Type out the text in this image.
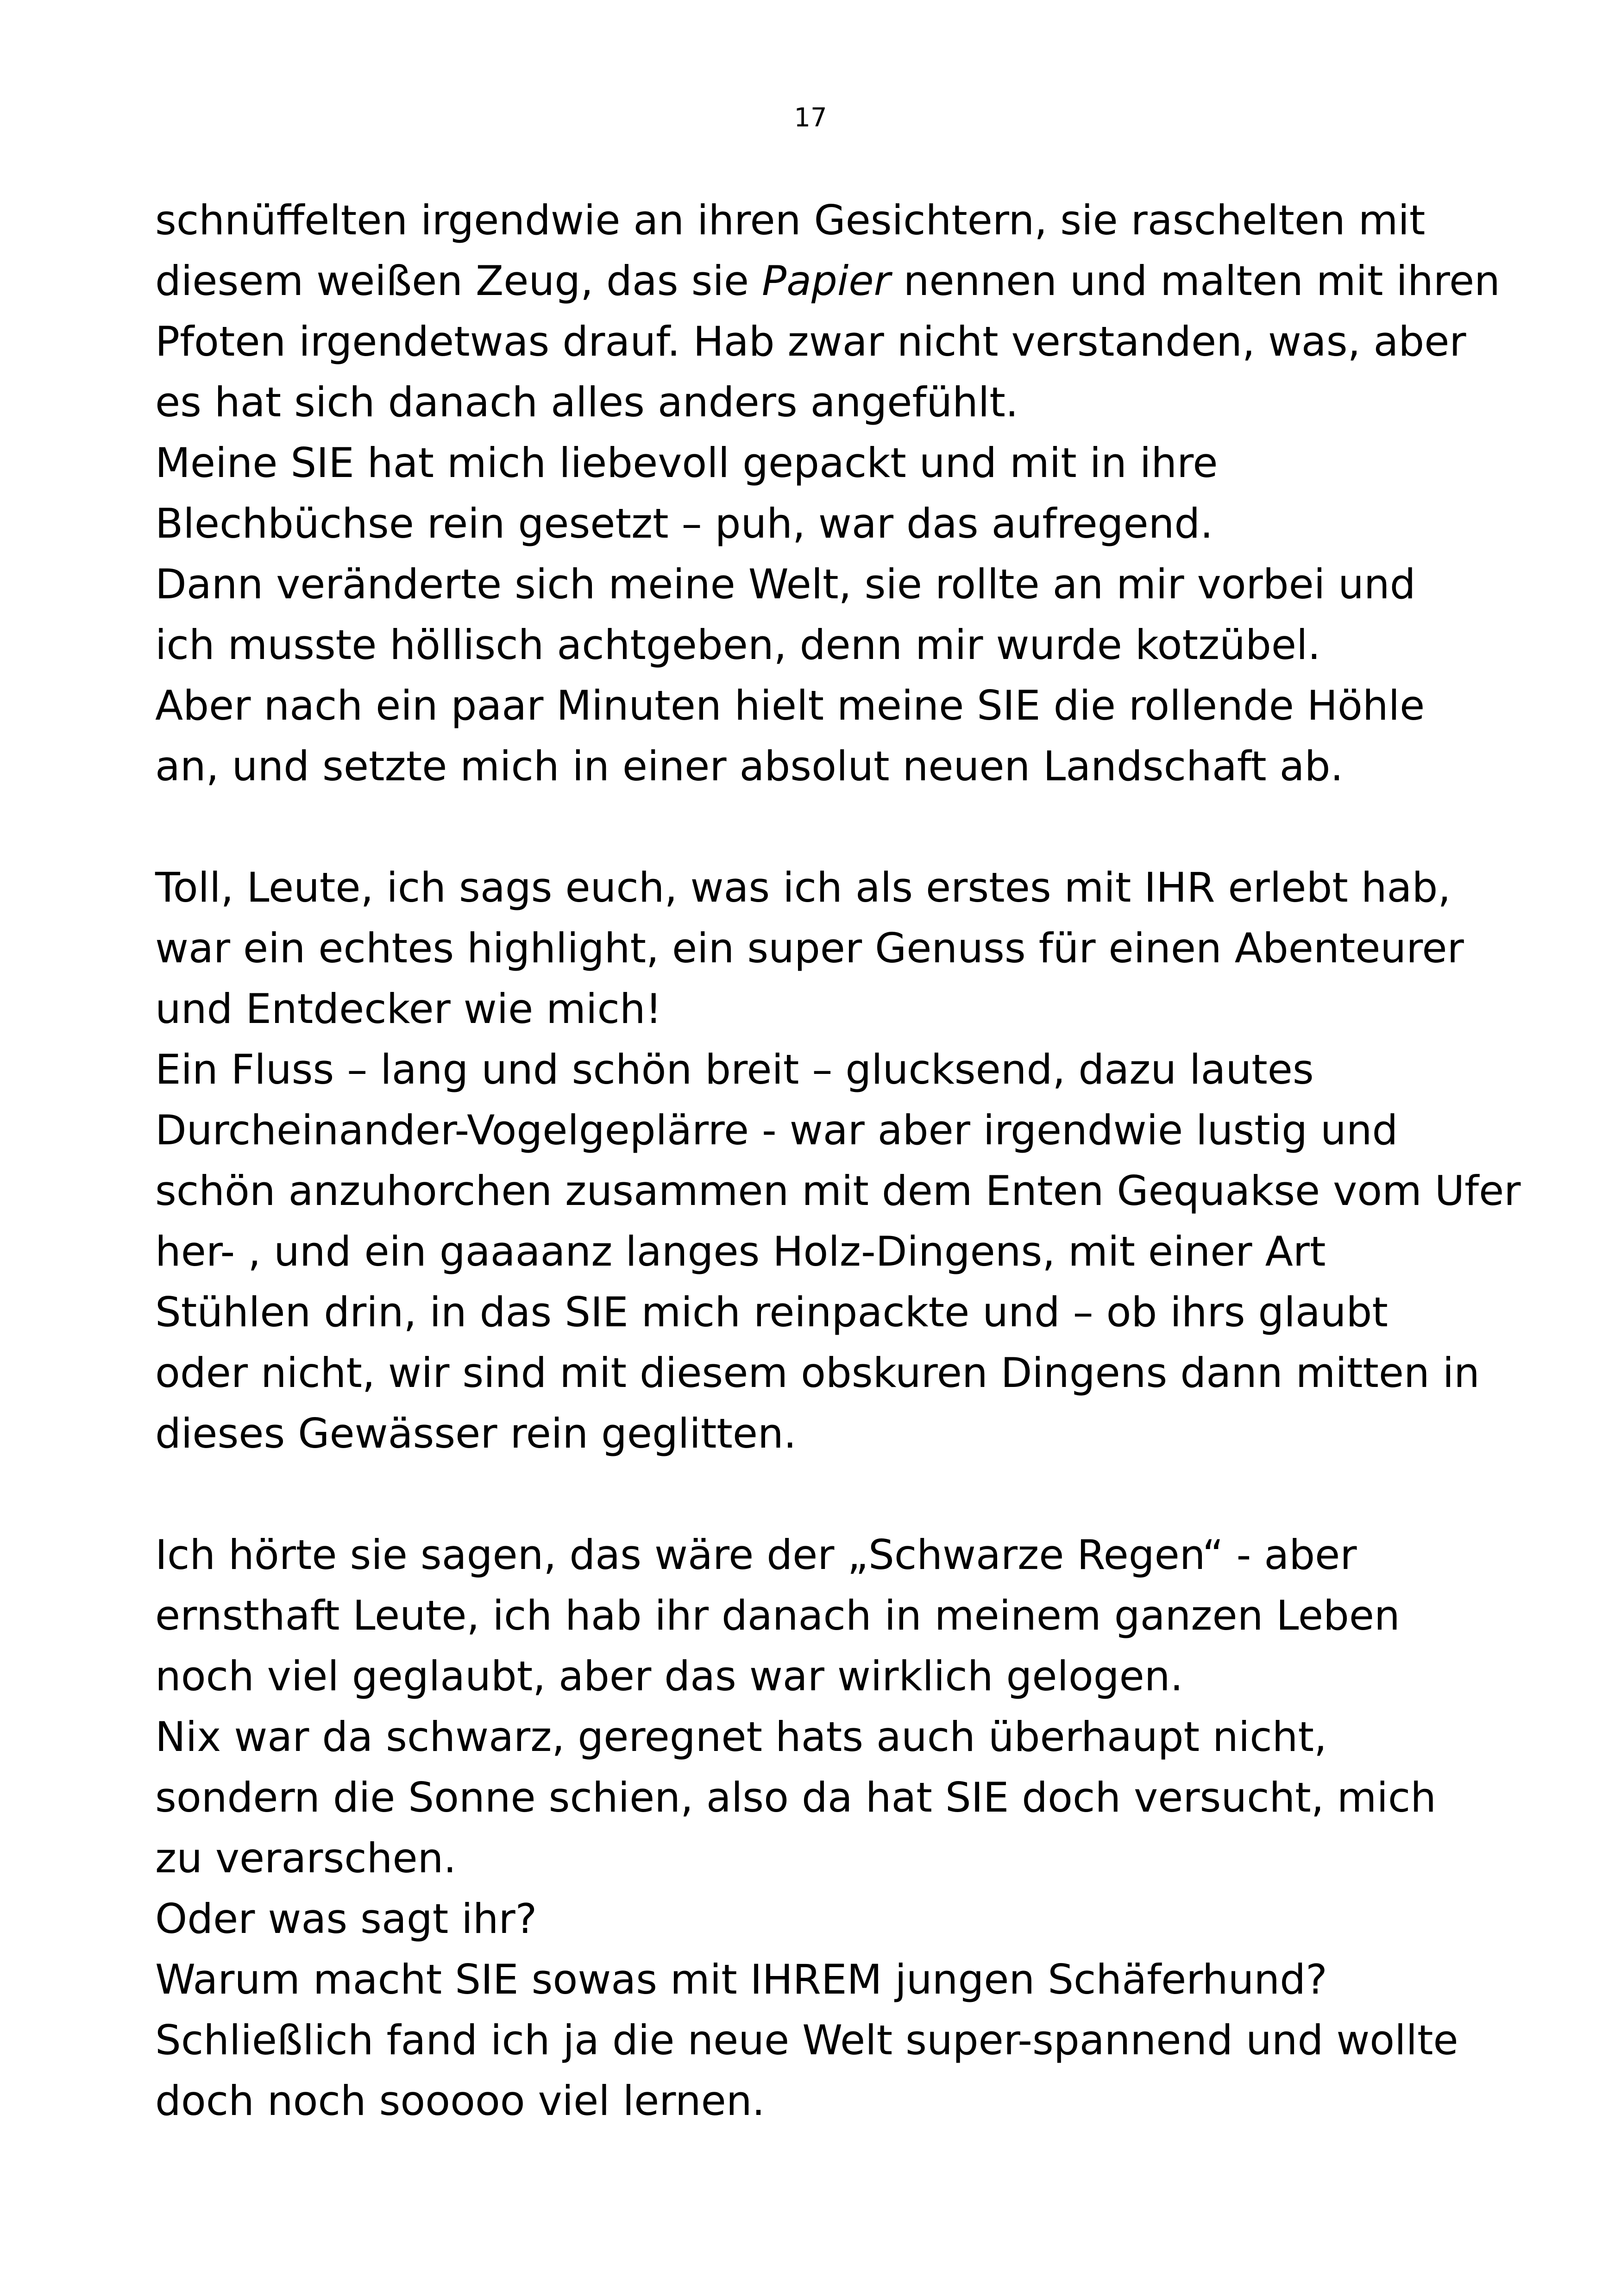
17
schnüffelten irgendwie an ihren Gesichtern, sie raschelten mit
diesem weißen Zeug, das sie Papier nennen und malten mit ihren
Pfoten irgendetwas drauf. Hab zwar nicht verstanden, was, aber
es hat sich danach alles anders angefühlt.
Meine SIE hat mich liebevoll gepackt und mit in ihre
Blechbüchse rein gesetzt – puh, war das aufregend.
Dann veränderte sich meine Welt, sie rollte an mir vorbei und
ich musste höllisch achtgeben, denn mir wurde kotzübel.
Aber nach ein paar Minuten hielt meine SIE die rollende Höhle
an, und setzte mich in einer absolut neuen Landschaft ab.
Toll, Leute, ich sags euch, was ich als erstes mit IHR erlebt hab,
war ein echtes highlight, ein super Genuss für einen Abenteurer
und Entdecker wie mich!
Ein Fluss – lang und schön breit – glucksend, dazu lautes
Durcheinander-Vogelgeplärre - war aber irgendwie lustig und
schön anzuhorchen zusammen mit dem Enten Gequakse vom Ufer
her- , und ein gaaaanz langes Holz-Dingens, mit einer Art
Stühlen drin, in das SIE mich reinpackte und – ob ihrs glaubt
oder nicht, wir sind mit diesem obskuren Dingens dann mitten in
dieses Gewässer rein geglitten.
Ich hörte sie sagen, das wäre der „Schwarze Regen“ - aber
ernsthaft Leute, ich hab ihr danach in meinem ganzen Leben
noch viel geglaubt, aber das war wirklich gelogen.
Nix war da schwarz, geregnet hats auch überhaupt nicht,
sondern die Sonne schien, also da hat SIE doch versucht, mich
zu verarschen.
Oder was sagt ihr?
Warum macht SIE sowas mit IHREM jungen Schäferhund?
Schließlich fand ich ja die neue Welt super-spannend und wollte
doch noch sooooo viel lernen.
